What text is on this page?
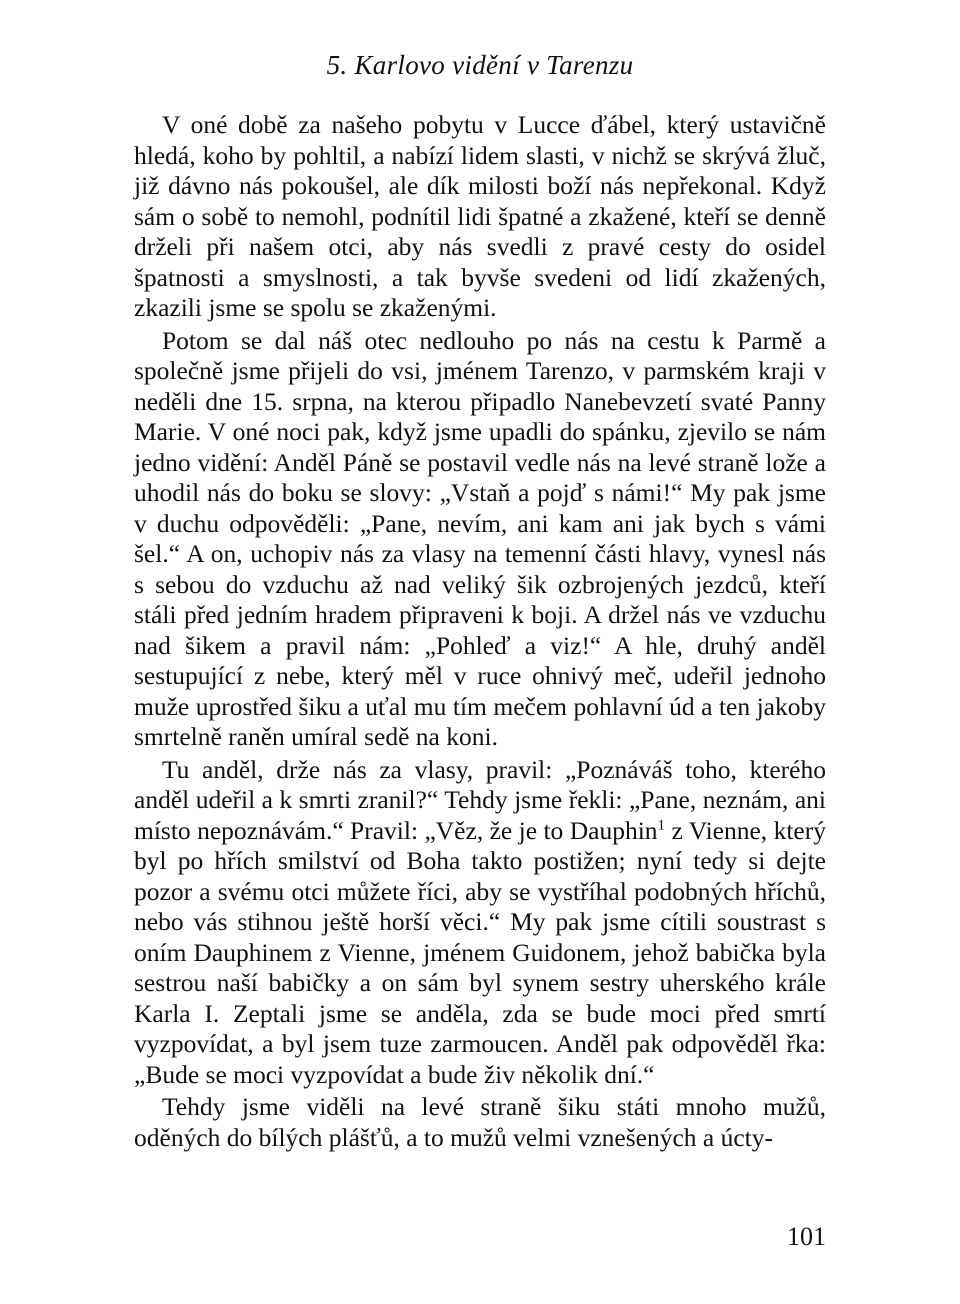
5. Karlovo vidění v Tarenzu

V oné době za našeho pobytu v Lucce ďábel, který ustavičně hledá, koho by pohltil, a nabízí lidem slasti, v nichž se skrývá žluč, již dávno nás pokoušel, ale dík milosti boží nás nepřekonal. Když sám o sobě to nemohl, podnítil lidi špatné a zkažené, kteří se denně drželi při našem otci, aby nás svedli z pravé cesty do osidel špatnosti a smyslnosti, a tak byvše svedeni od lidí zkažených, zkazili jsme se spolu se zkaženými.

Potom se dal náš otec nedlouho po nás na cestu k Parmě a společně jsme přijeli do vsi, jménem Tarenzo, v parmském kraji v neděli dne 15. srpna, na kterou připadlo Nanebevzetí svaté Panny Marie. V oné noci pak, když jsme upadli do spánku, zjevilo se nám jedno vidění: Anděl Páně se postavil vedle nás na levé straně lože a uhodil nás do boku se slovy: „Vstaň a pojď s námi!“ My pak jsme v duchu odpověděli: „Pane, nevím, ani kam ani jak bych s vámi šel.“ A on, uchopiv nás za vlasy na temenní části hlavy, vynesl nás s sebou do vzduchu až nad veliký šik ozbrojených jezdců, kteří stáli před jedním hradem připraveni k boji. A držel nás ve vzduchu nad šikem a pravil nám: „Pohleď a viz!“ A hle, druhý anděl sestupující z nebe, který měl v ruce ohnivý meč, udeřil jednoho muže uprostřed šiku a uťal mu tím mečem pohlavní úd a ten jakoby smrtelně raněn umíral sedě na koni.

Tu anděl, drže nás za vlasy, pravil: „Poznáváš toho, kterého anděl udeřil a k smrti zranil?“ Tehdy jsme řekli: „Pane, neznám, ani místo nepoznávám.“ Pravil: „Věz, že je to Dauphin$^1$ z Vienne, který byl po hřích smilství od Boha takto postižen; nyní tedy si dejte pozor a svému otci můžete říci, aby se vystříhal podobných hříchů, nebo vás stihnou ještě horší věci.“ My pak jsme cítili soustrast s oním Dauphinem z Vienne, jménem Guidonem, jehož babička byla sestrou naší babičky a on sám byl synem sestry uherského krále Karla I. Zeptali jsme se anděla, zda se bude moci před smrtí vyzpovídat, a byl jsem tuze zarmoucen. Anděl pak odpověděl řka: „Bude se moci vyzpovídat a bude živ několik dní.“

Tehdy jsme viděli na levé straně šiku státi mnoho mužů, oděných do bílých plášťů, a to mužů velmi vznešených a úcty-

101
